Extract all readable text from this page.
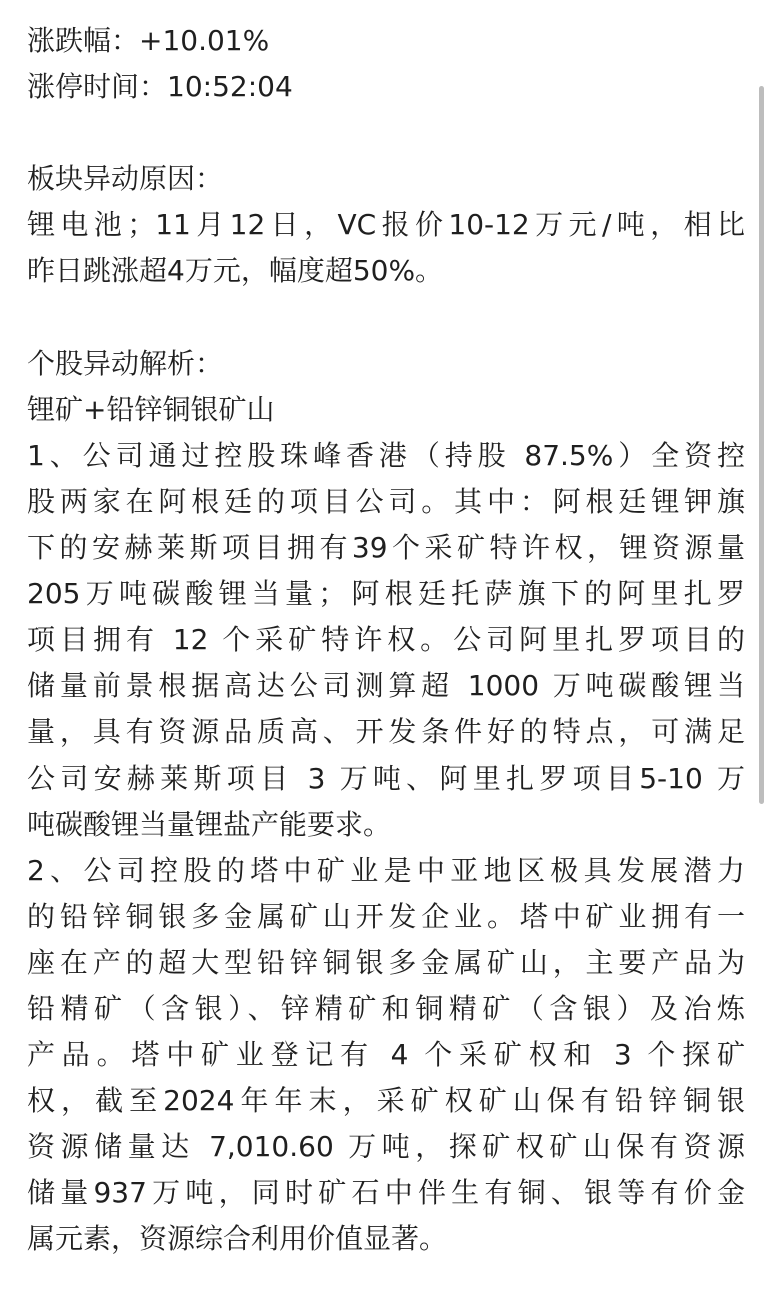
涨跌幅：+10.01%
涨停时间：10:52:04
板块异动原因：
锂电池；11月12日，VC报价10-12万元/吨，相比
昨日跳涨超4万元，幅度超50%。
个股异动解析：
锂矿+铅锌铜银矿山
1、公司通过控股珠峰香港（持股 87.5%）全资控
股两家在阿根廷的项目公司。其中：阿根廷锂钾旗
下的安赫莱斯项目拥有39个采矿特许权，锂资源量
205万吨碳酸锂当量；阿根廷托萨旗下的阿里扎罗
项目拥有 12 个采矿特许权。公司阿里扎罗项目的
储量前景根据高达公司测算超 1000 万吨碳酸锂当
量，具有资源品质高、开发条件好的特点，可满足
公司安赫莱斯项目 3 万吨、阿里扎罗项目5-10 万
吨碳酸锂当量锂盐产能要求。
2、公司控股的塔中矿业是中亚地区极具发展潜力
的铅锌铜银多金属矿山开发企业。塔中矿业拥有一
座在产的超大型铅锌铜银多金属矿山，主要产品为
铅精矿（含银）、锌精矿和铜精矿（含银）及冶炼
产品。塔中矿业登记有 4 个采矿权和 3 个探矿
权，截至2024年年末，采矿权矿山保有铅锌铜银
资源储量达 7,010.60 万吨，探矿权矿山保有资源
储量937万吨，同时矿石中伴生有铜、银等有价金
属元素，资源综合利用价值显著。
